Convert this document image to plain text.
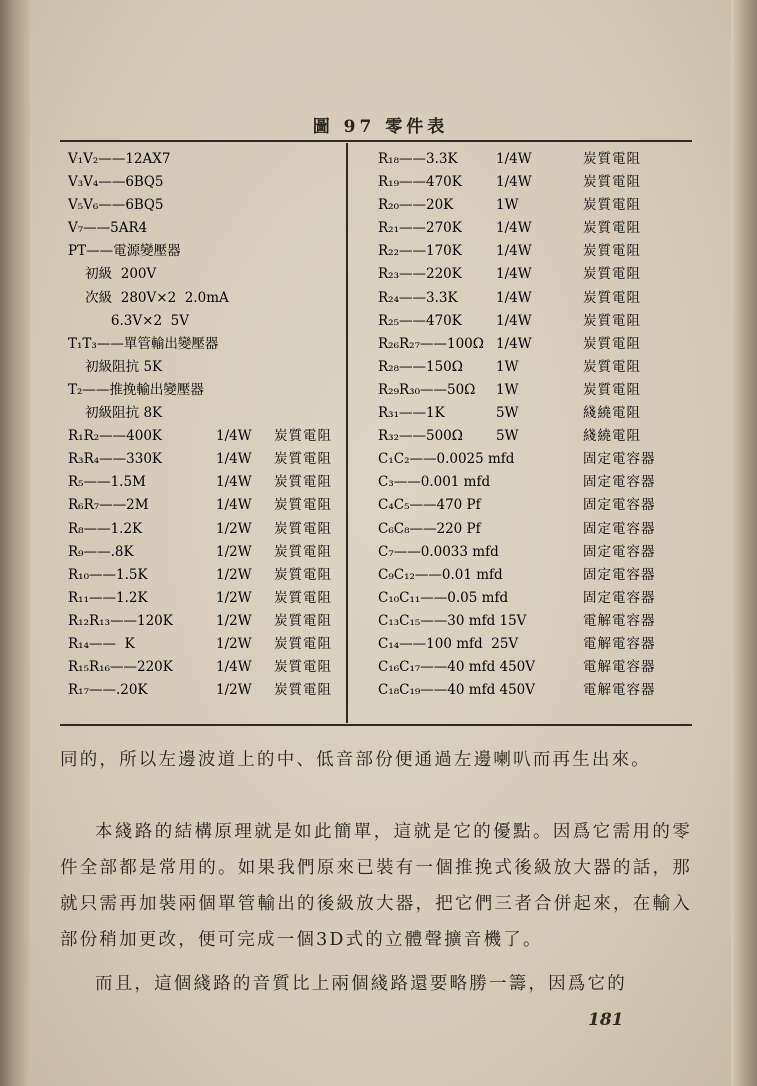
圖 97 零件表
V₁V₂——12AX7
V₃V₄——6BQ5
V₅V₆——6BQ5
V₇——5AR4
PT——電源變壓器
初級  200V
次級  280V×2  2.0mA
6.3V×2  5V
T₁T₃——單管輸出變壓器
初級阻抗 5K
T₂——推挽輸出變壓器
初級阻抗 8K
R₁R₂——400K	1/4W 炭質電阻
R₃R₄——330K	1/4W 炭質電阻
R₅——1.5M	1/4W 炭質電阻
R₆R₇——2M	1/4W 炭質電阻
R₈——1.2K	1/2W 炭質電阻
R₉——.8K	1/2W 炭質電阻
R₁₀——1.5K	1/2W 炭質電阻
R₁₁——1.2K	1/2W 炭質電阻
R₁₂R₁₃——120K	1/2W 炭質電阻
R₁₄——  K	1/2W 炭質電阻
R₁₅R₁₆——220K	1/4W 炭質電阻
R₁₇——.20K	1/2W 炭質電阻
R₁₈——3.3K	1/4W	炭質電阻
R₁₉——470K	1/4W	炭質電阻
R₂₀——20K	1W	炭質電阻
R₂₁——270K	1/4W	炭質電阻
R₂₂——170K	1/4W	炭質電阻
R₂₃——220K	1/4W	炭質電阻
R₂₄——3.3K	1/4W	炭質電阻
R₂₅——470K	1/4W	炭質電阻
R₂₆R₂₇——100Ω 1/4W	炭質電阻
R₂₈——150Ω 1W	炭質電阻
R₂₉R₃₀——50Ω 1W	炭質電阻
R₃₁——1K	5W	綫繞電阻
R₃₂——500Ω 5W	綫繞電阻
C₁C₂——0.0025 mfd	固定電容器
C₃——0.001 mfd	固定電容器
C₄C₅——470 Pf	固定電容器
C₆C₈——220 Pf	固定電容器
C₇——0.0033 mfd	固定電容器
C₉C₁₂——0.01 mfd	固定電容器
C₁₀C₁₁——0.05 mfd	固定電容器
C₁₃C₁₅——30 mfd 15V	電解電容器
C₁₄——100 mfd  25V	電解電容器
C₁₆C₁₇——40 mfd 450V	電解電容器
C₁₈C₁₉——40 mfd 450V	電解電容器
同的，所以左邊波道上的中、低音部份便通過左邊喇叭而再生出來。
本綫路的結構原理就是如此簡單，這就是它的優點。因爲它需用的零件全部都是常用的。如果我們原來已裝有一個推挽式後級放大器的話，那就只需再加裝兩個單管輸出的後級放大器，把它們三者合併起來，在輸入部份稍加更改，便可完成一個3D式的立體聲擴音機了。
而且，這個綫路的音質比上兩個綫路還要略勝一籌，因爲它的
181
